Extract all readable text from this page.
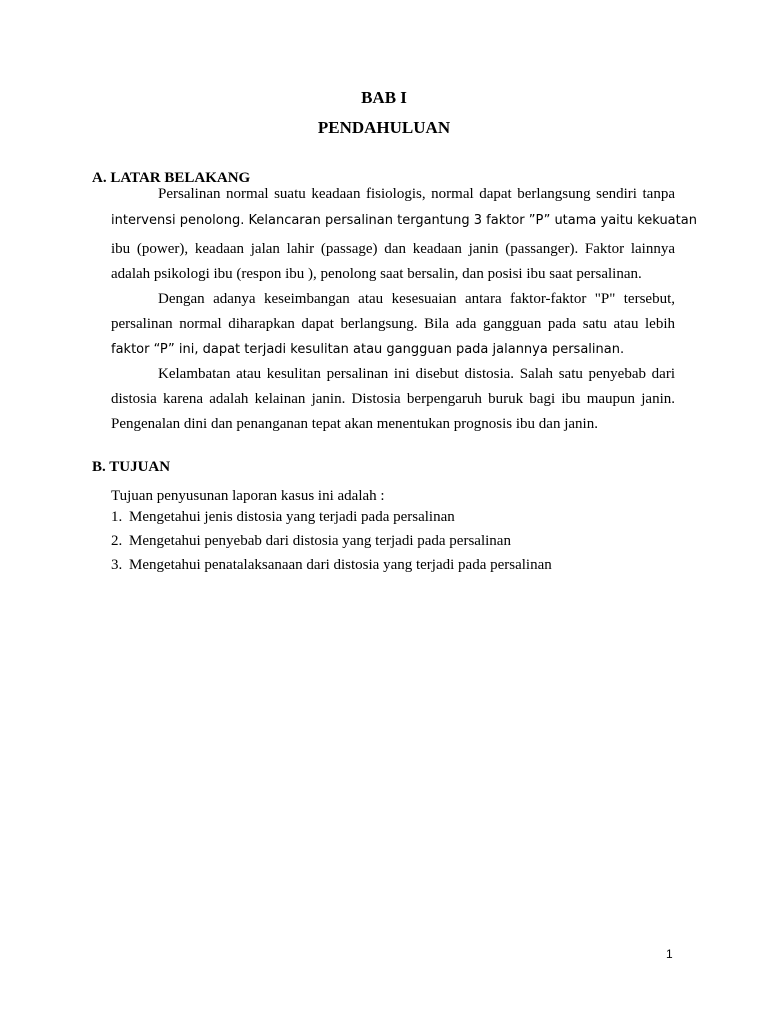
BAB I
PENDAHULUAN
A. LATAR BELAKANG
Persalinan normal suatu keadaan fisiologis, normal dapat berlangsung sendiri tanpa
intervensi penolong. Kelancaran persalinan tergantung 3 faktor ”P” utama yaitu kekuatan
ibu (power), keadaan jalan lahir (passage) dan keadaan janin (passanger). Faktor lainnya
adalah psikologi ibu (respon ibu ), penolong saat bersalin, dan posisi ibu saat persalinan.
Dengan adanya keseimbangan atau kesesuaian antara faktor-faktor "P" tersebut,
persalinan normal diharapkan dapat berlangsung. Bila ada gangguan pada satu atau lebih
faktor “P” ini, dapat terjadi kesulitan atau gangguan pada jalannya persalinan.
Kelambatan atau kesulitan persalinan ini disebut distosia. Salah satu penyebab dari
distosia karena adalah kelainan janin. Distosia berpengaruh buruk bagi ibu maupun janin.
Pengenalan dini dan penanganan tepat akan menentukan prognosis ibu dan janin.
B. TUJUAN
Tujuan penyusunan laporan kasus ini adalah :
1. Mengetahui jenis distosia yang terjadi pada persalinan
2. Mengetahui penyebab dari distosia yang terjadi pada persalinan
3. Mengetahui penatalaksanaan dari distosia yang terjadi pada persalinan
1
